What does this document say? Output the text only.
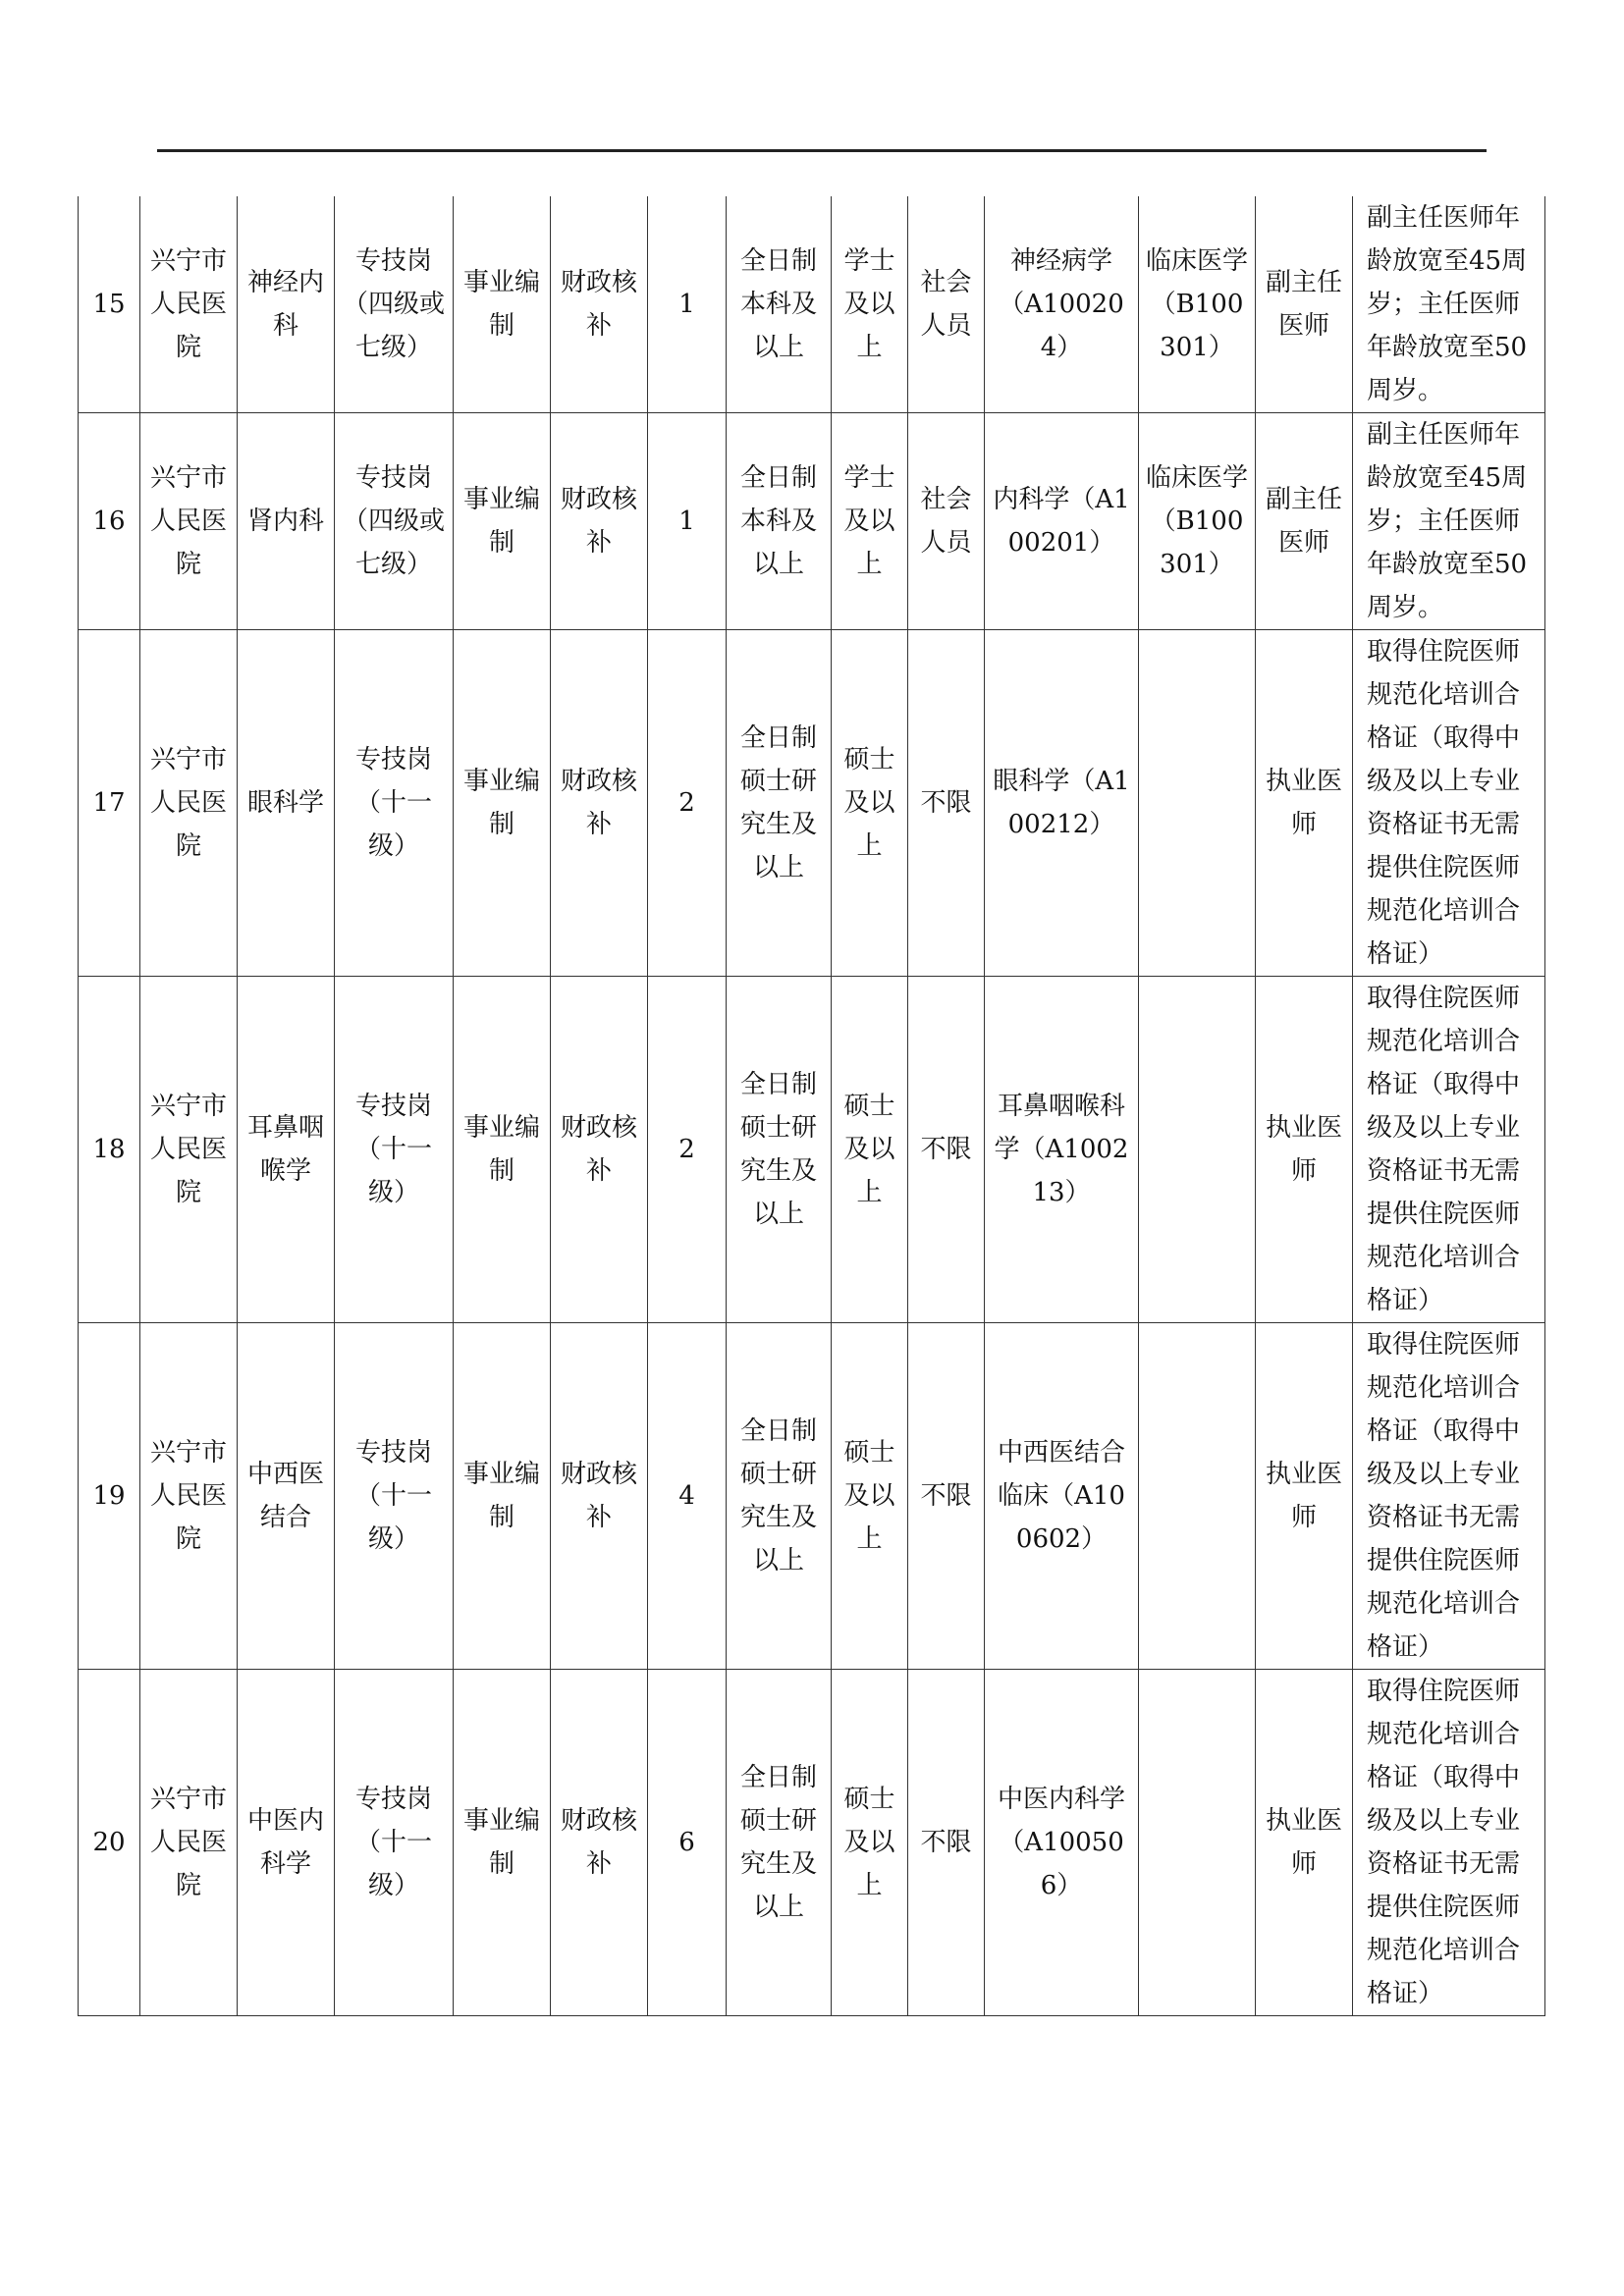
15	兴宁市人民医院	神经内科	专技岗（四级或七级）	事业编制	财政核补	1	全日制本科及以上	学士及以上	社会人员	神经病学（A100204）	临床医学（B100301）	副主任医师	副主任医师年龄放宽至45周岁；主任医师年龄放宽至50周岁。
16	兴宁市人民医院	肾内科	专技岗（四级或七级）	事业编制	财政核补	1	全日制本科及以上	学士及以上	社会人员	内科学（A100201）	临床医学（B100301）	副主任医师	副主任医师年龄放宽至45周岁；主任医师年龄放宽至50周岁。
17	兴宁市人民医院	眼科学	专技岗（十一级）	事业编制	财政核补	2	全日制硕士研究生及以上	硕士及以上	不限	眼科学（A100212）		执业医师	取得住院医师规范化培训合格证（取得中级及以上专业资格证书无需提供住院医师规范化培训合格证）
18	兴宁市人民医院	耳鼻咽喉学	专技岗（十一级）	事业编制	财政核补	2	全日制硕士研究生及以上	硕士及以上	不限	耳鼻咽喉科学（A100213）		执业医师	取得住院医师规范化培训合格证（取得中级及以上专业资格证书无需提供住院医师规范化培训合格证）
19	兴宁市人民医院	中西医结合	专技岗（十一级）	事业编制	财政核补	4	全日制硕士研究生及以上	硕士及以上	不限	中西医结合临床（A100602）		执业医师	取得住院医师规范化培训合格证（取得中级及以上专业资格证书无需提供住院医师规范化培训合格证）
20	兴宁市人民医院	中医内科学	专技岗（十一级）	事业编制	财政核补	6	全日制硕士研究生及以上	硕士及以上	不限	中医内科学（A100506）		执业医师	取得住院医师规范化培训合格证（取得中级及以上专业资格证书无需提供住院医师规范化培训合格证）
